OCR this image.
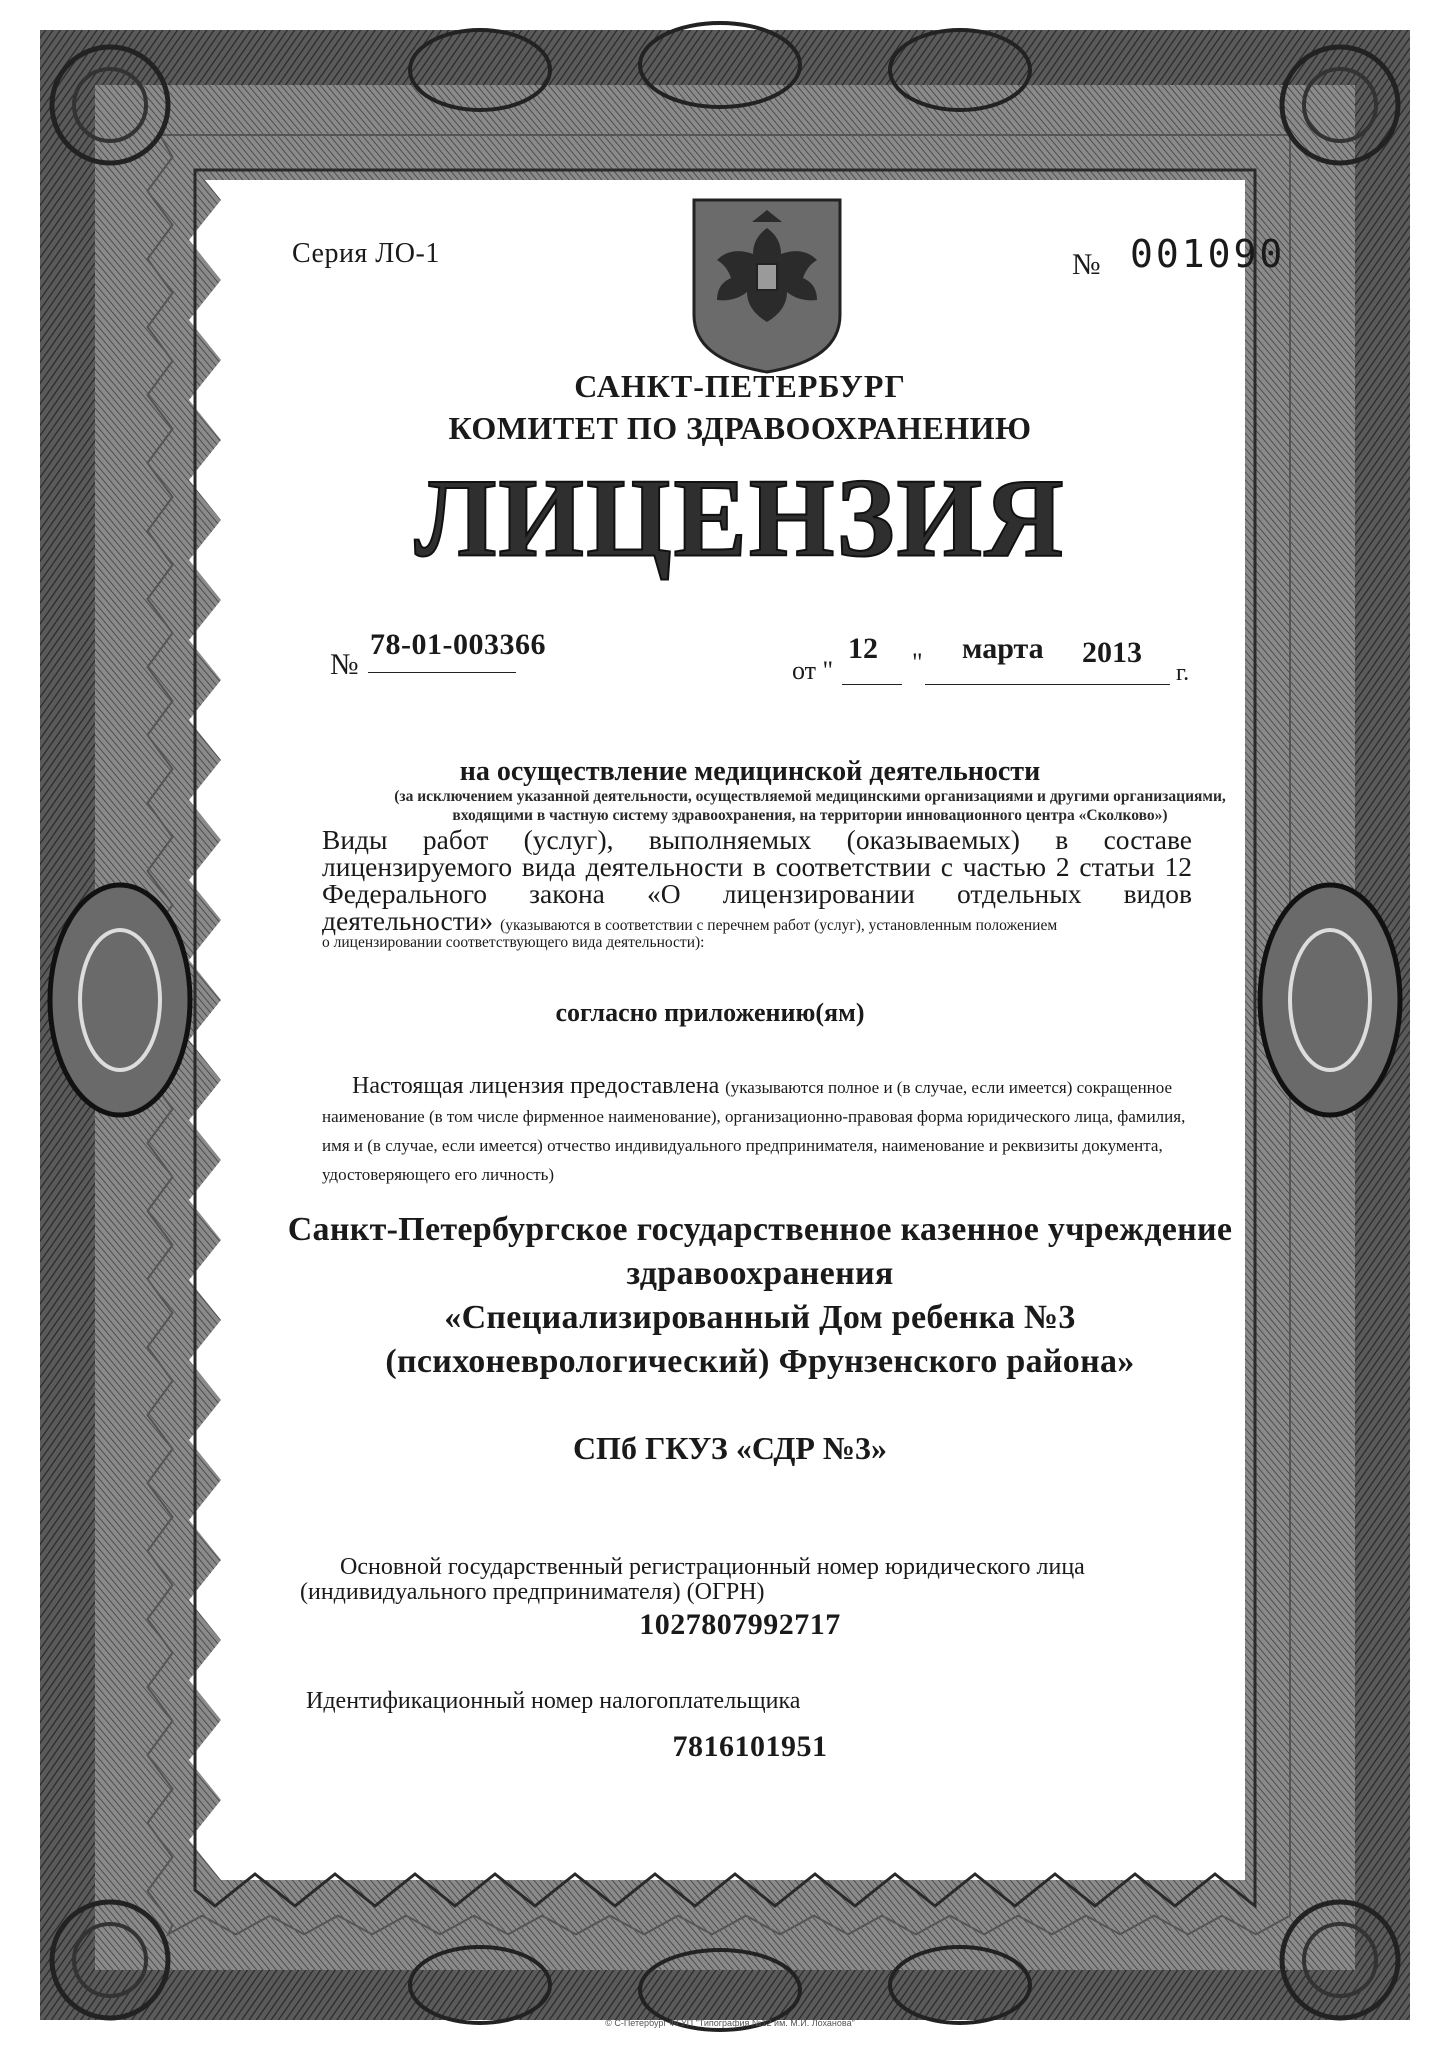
Серия ЛО-1	№ 001090
САНКТ-ПЕТЕРБУРГ
КОМИТЕТ ПО ЗДРАВООХРАНЕНИЮ
ЛИЦЕНЗИЯ
№
78-01-003366
от "
12 " марта 2013
г.
на осуществление медицинской деятельности
(за исключением указанной деятельности, осуществляемой медицинскими организациями и другими организациями, входящими в частную систему здравоохранения, на территории инновационного центра «Сколково»)
Виды работ (услуг), выполняемых (оказываемых) в составе лицензируемого вида деятельности в соответствии с частью 2 статьи 12 Федерального закона «О лицензировании отдельных видов деятельности» (указываются в соответствии с перечнем работ (услуг), установленным положением
о лицензировании соответствующего вида деятельности):
согласно приложению(ям)
Настоящая лицензия предоставлена (указываются полное и (в случае, если имеется) сокращенное наименование (в том числе фирменное наименование), организационно-правовая форма юридического лица, фамилия, имя и (в случае, если имеется) отчество индивидуального предпринимателя, наименование и реквизиты документа, удостоверяющего его личность)
Санкт-Петербургское государственное казенное учреждение
здравоохранения
«Специализированный Дом ребенка №3
(психоневрологический) Фрунзенского района»
СПб ГКУЗ «СДР №3»
Основной государственный регистрационный номер юридического лица
(индивидуального предпринимателя) (ОГРН)
1027807992717
Идентификационный номер налогоплательщика
7816101951
© С-Петербург ФГУП "Типография №12 им. М.И. Лоханова"
